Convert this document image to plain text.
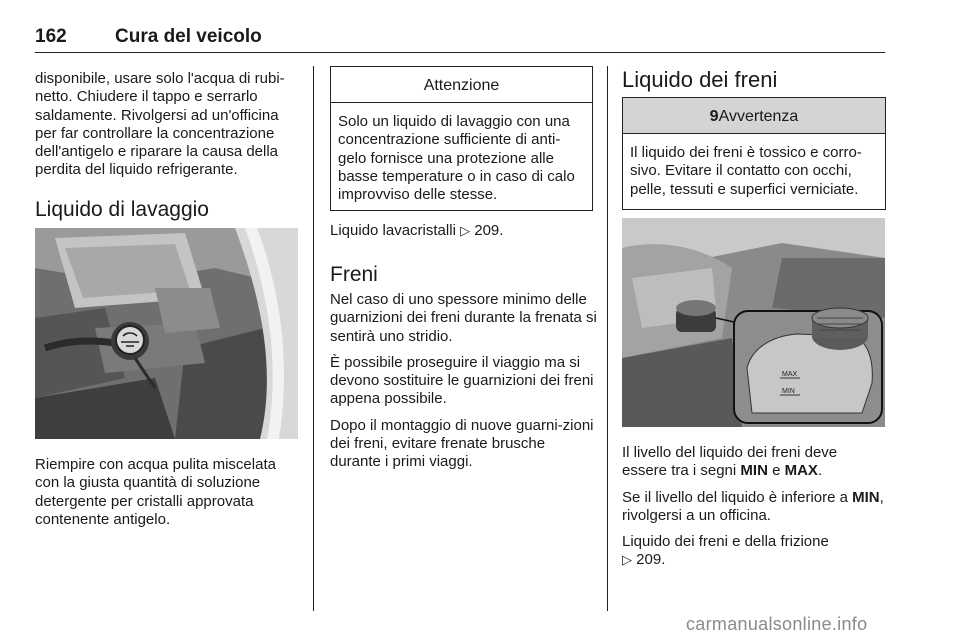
162	Cura del veicolo

disponibile, usare solo l'acqua di rubi-netto. Chiudere il tappo e serrarlo saldamente. Rivolgersi ad un'officina per far controllare la concentrazione dell'antigelo e riparare la causa della perdita del liquido refrigerante.

Liquido di lavaggio

Riempire con acqua pulita miscelata con la giusta quantità di soluzione detergente per cristalli approvata contenente antigelo.

Attenzione
Solo un liquido di lavaggio con una concentrazione sufficiente di anti-gelo fornisce una protezione alle basse temperature o in caso di calo improvviso delle stesse.

Liquido lavacristalli ▷ 209.

Freni

Nel caso di uno spessore minimo delle guarnizioni dei freni durante la frenata si sentirà uno stridio.

È possibile proseguire il viaggio ma si devono sostituire le guarnizioni dei freni appena possibile.

Dopo il montaggio di nuove guarni-zioni dei freni, evitare frenate brusche durante i primi viaggi.

Liquido dei freni
9Avvertenza
Il liquido dei freni è tossico e corro-sivo. Evitare il contatto con occhi, pelle, tessuti e superfici verniciate.
MAX
MIN

Il livello del liquido dei freni deve essere tra i segni MIN e MAX.

Se il livello del liquido è inferiore a MIN, rivolgersi a un officina.

Liquido dei freni e della frizione
▷ 209.

carmanualsonline.info
